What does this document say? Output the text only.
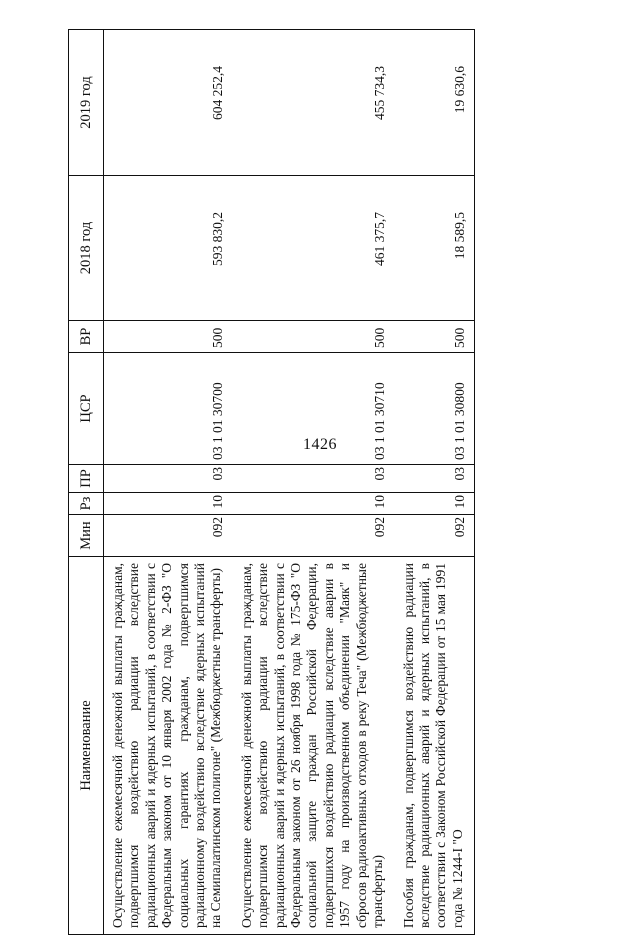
1426
Наименование	Мин	Рз	ПР	ЦСР	ВР	2018 год	2019 год
Осуществление ежемесячной денежной выплаты гражданам, подвергшимся воздействию радиации вследствие радиационных аварий и ядерных испытаний, в соответствии с Федеральным законом от 10 января 2002 года № 2-ФЗ "О социальных гарантиях гражданам, подвергшимся радиационному воздействию вследствие ядерных испытаний на Семипалатинском полигоне" (Межбюджетные трансферты)	092	10	03	03 1 01 30700	500	593 830,2	604 252,4
Осуществление ежемесячной денежной выплаты гражданам, подвергшимся воздействию радиации вследствие радиационных аварий и ядерных испытаний, в соответствии с Федеральным законом от 26 ноября 1998 года № 175-ФЗ "О социальной защите граждан Российской Федерации, подвергшихся воздействию радиации вследствие аварии в 1957 году на производственном объединении "Маяк" и сбросов радиоактивных отходов в реку Теча" (Межбюджетные трансферты)	092	10	03	03 1 01 30710	500	461 375,7	455 734,3
Пособия гражданам, подвергшимся воздействию радиации вследствие радиационных аварий и ядерных испытаний, в соответствии с Законом Российской Федерации от 15 мая 1991 года № 1244-I "О	092	10	03	03 1 01 30800	500	18 589,5	19 630,6
